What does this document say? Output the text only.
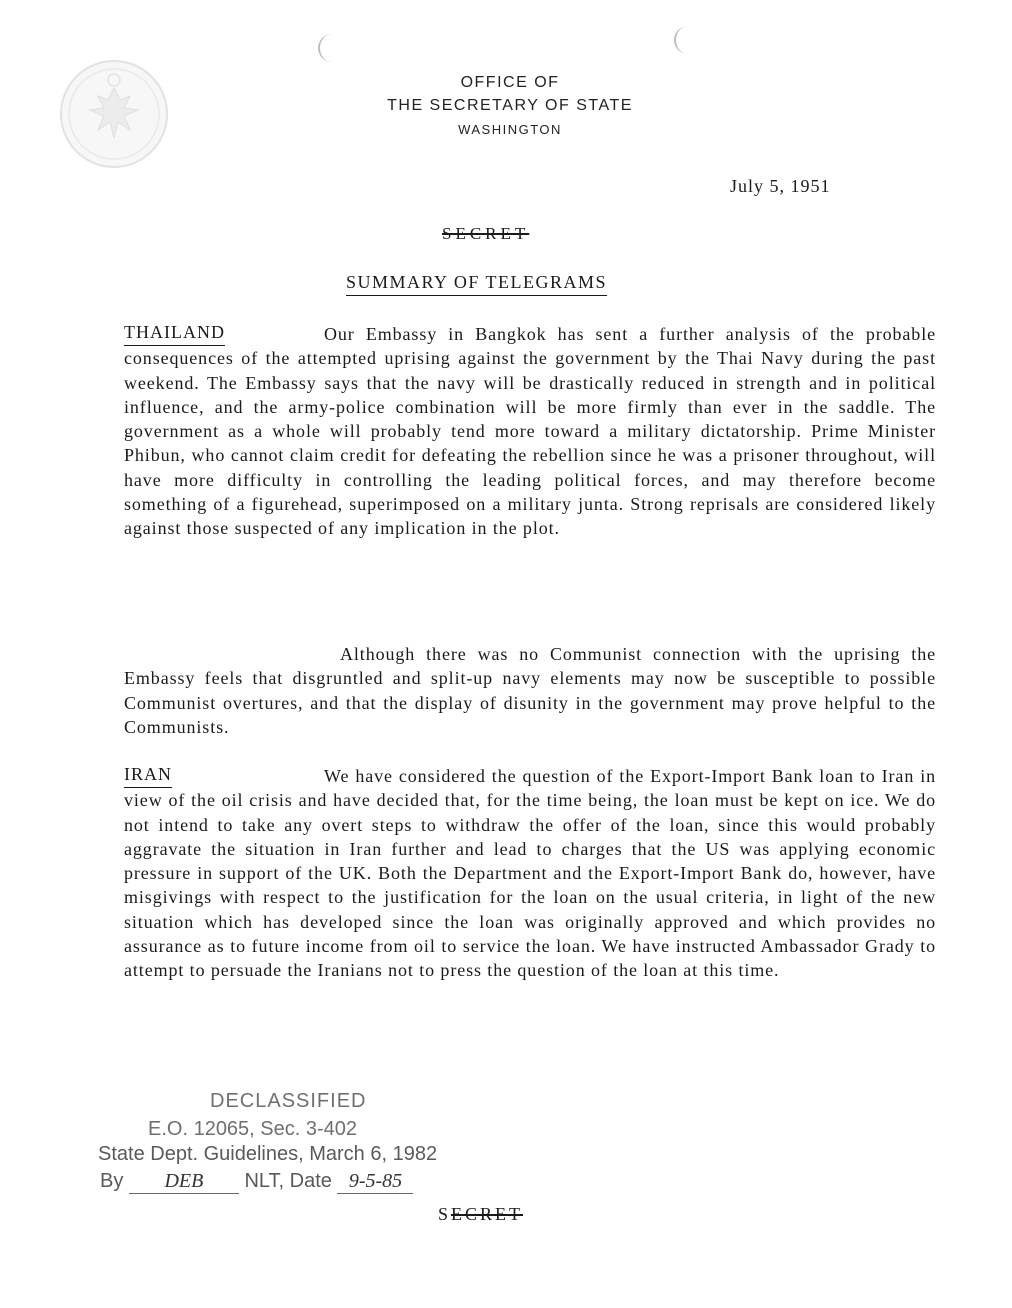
OFFICE OF
THE SECRETARY OF STATE
WASHINGTON
July 5, 1951
SECRET
SUMMARY OF TELEGRAMS
THAILAND	Our Embassy in Bangkok has sent a further analysis of the probable consequences of the attempted uprising against the government by the Thai Navy during the past weekend. The Embassy says that the navy will be drastically reduced in strength and in political influence, and the army-police combination will be more firmly than ever in the saddle. The government as a whole will probably tend more toward a military dictatorship. Prime Minister Phibun, who cannot claim credit for defeating the rebellion since he was a prisoner throughout, will have more difficulty in controlling the leading political forces, and may therefore become something of a figurehead, superimposed on a military junta. Strong reprisals are considered likely against those suspected of any implication in the plot.
Although there was no Communist connection with the uprising the Embassy feels that disgruntled and split-up navy elements may now be susceptible to possible Communist overtures, and that the display of disunity in the government may prove helpful to the Communists.
IRAN	We have considered the question of the Export-Import Bank loan to Iran in view of the oil crisis and have decided that, for the time being, the loan must be kept on ice. We do not intend to take any overt steps to withdraw the offer of the loan, since this would probably aggravate the situation in Iran further and lead to charges that the US was applying economic pressure in support of the UK. Both the Department and the Export-Import Bank do, however, have misgivings with respect to the justification for the loan on the usual criteria, in light of the new situation which has developed since the loan was originally approved and which provides no assurance as to future income from oil to service the loan. We have instructed Ambassador Grady to attempt to persuade the Iranians not to press the question of the loan at this time.
DECLASSIFIED
E.O. 12065, Sec. 3-402
State Dept. Guidelines, March 6, 1982
By DEB NLT, Date 9-5-85
SECRET
